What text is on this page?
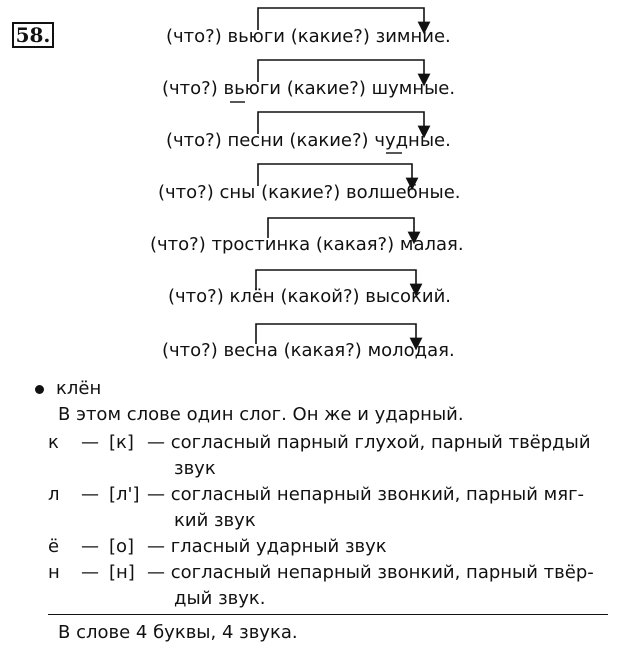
58.	(что?) вьюги (какие?) зимние.
(что?) вьюги (какие?) шумные.
(что?) песни (какие?) чудные.
(что?) сны (какие?) волшебные.
(что?) тростинка (какая?) малая.
(что?) клён (какой?) высокий.
(что?) весна (какая?) молодая.
клён
В этом слове один слог. Он же и ударный.
к	— [к] — согласный парный глухой, парный твёрдый
звук
л	— [л'] — согласный непарный звонкий, парный мяг-
кий звук
ё	— [о] — гласный ударный звук
н	— [н] — согласный непарный звонкий, парный твёр-
дый звук.
В слове 4 буквы, 4 звука.
